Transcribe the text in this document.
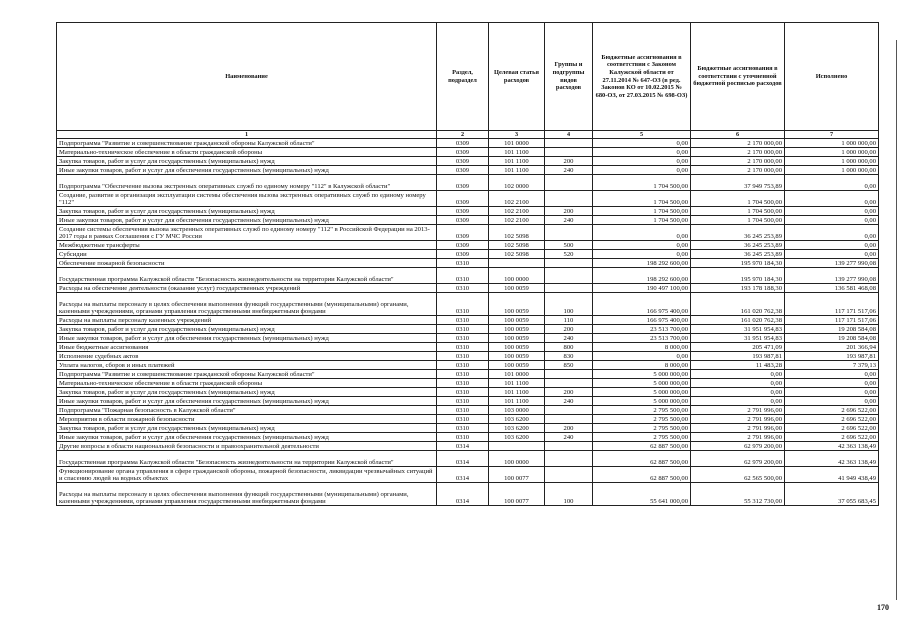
Наименование	Раздел, подраздел	Целевая статья расходов	Группы и подгруппы видов расходов	Бюджетные ассигнования в соответствии с Законом Калужской области от 27.11.2014 № 647-ОЗ (в ред. Законов КО от 10.02.2015 № 680-ОЗ, от 27.03.2015 № 698-ОЗ)	Бюджетные ассигнования в соответствии с уточненной бюджетной росписью расходов	Исполнено
1	2	3	4	5	6	7
Подпрограмма "Развитие и совершенствование гражданской обороны Калужской области"	0309	101 0000		0,00	2 170 000,00	1 000 000,00
Материально-техническое обеспечение в области гражданской обороны	0309	101 1100		0,00	2 170 000,00	1 000 000,00
Закупка товаров, работ и услуг для государственных (муниципальных) нужд	0309	101 1100	200	0,00	2 170 000,00	1 000 000,00
Иные закупки товаров, работ и услуг для обеспечения государственных (муниципальных) нужд	0309	101 1100	240	0,00	2 170 000,00	1 000 000,00
Подпрограмма "Обеспечение вызова экстренных оперативных служб по единому номеру "112" в Калужской области"	0309	102 0000		1 704 500,00	37 949 753,89	0,00
Создание, развитие и организация эксплуатации системы обеспечения вызова экстренных оперативных служб по единому номеру "112"	0309	102 2100		1 704 500,00	1 704 500,00	0,00
Закупка товаров, работ и услуг для государственных (муниципальных) нужд	0309	102 2100	200	1 704 500,00	1 704 500,00	0,00
Иные закупки товаров, работ и услуг для обеспечения государственных (муниципальных) нужд	0309	102 2100	240	1 704 500,00	1 704 500,00	0,00
Создание системы обеспечения вызова экстренных оперативных служб по единому номеру "112" в Российской Федерации на 2013-2017 годы в рамках Соглашения с ГУ МЧС России	0309	102 5098		0,00	36 245 253,89	0,00
Межбюджетные трансферты	0309	102 5098	500	0,00	36 245 253,89	0,00
Субсидии	0309	102 5098	520	0,00	36 245 253,89	0,00
Обеспечение пожарной безопасности	0310			198 292 600,00	195 970 184,30	139 277 990,08
Государственная программа Калужской области "Безопасность жизнедеятельности на территории Калужской области"	0310	100 0000		198 292 600,00	195 970 184,30	139 277 990,08
Расходы на обеспечение деятельности (оказание услуг) государственных учреждений	0310	100 0059		190 497 100,00	193 178 188,30	136 581 468,08
Расходы на выплаты персоналу в целях обеспечения выполнения функций государственными (муниципальными) органами, казенными учреждениями, органами управления государственными внебюджетными фондами	0310	100 0059	100	166 975 400,00	161 020 762,38	117 171 517,06
Расходы на выплаты персоналу казенных учреждений	0310	100 0059	110	166 975 400,00	161 020 762,38	117 171 517,06
Закупка товаров, работ и услуг для государственных (муниципальных) нужд	0310	100 0059	200	23 513 700,00	31 951 954,83	19 208 584,08
Иные закупки товаров, работ и услуг для обеспечения государственных (муниципальных) нужд	0310	100 0059	240	23 513 700,00	31 951 954,83	19 208 584,08
Иные бюджетные ассигнования	0310	100 0059	800	8 000,00	205 471,09	201 366,94
Исполнение судебных актов	0310	100 0059	830	0,00	193 987,81	193 987,81
Уплата налогов, сборов и иных платежей	0310	100 0059	850	8 000,00	11 483,28	7 379,13
Подпрограмма "Развитие и совершенствование гражданской обороны Калужской области"	0310	101 0000		5 000 000,00	0,00	0,00
Материально-техническое обеспечение в области гражданской обороны	0310	101 1100		5 000 000,00	0,00	0,00
Закупка товаров, работ и услуг для государственных (муниципальных) нужд	0310	101 1100	200	5 000 000,00	0,00	0,00
Иные закупки товаров, работ и услуг для обеспечения государственных (муниципальных) нужд	0310	101 1100	240	5 000 000,00	0,00	0,00
Подпрограмма "Пожарная безопасность в Калужской области"	0310	103 0000		2 795 500,00	2 791 996,00	2 696 522,00
Мероприятия в области пожарной безопасности	0310	103 6200		2 795 500,00	2 791 996,00	2 696 522,00
Закупка товаров, работ и услуг для государственных (муниципальных) нужд	0310	103 6200	200	2 795 500,00	2 791 996,00	2 696 522,00
Иные закупки товаров, работ и услуг для обеспечения государственных (муниципальных) нужд	0310	103 6200	240	2 795 500,00	2 791 996,00	2 696 522,00
Другие вопросы в области национальной безопасности и правоохранительной деятельности	0314			62 887 500,00	62 979 200,00	42 363 138,49
Государственная программа Калужской области "Безопасность жизнедеятельности на территории Калужской области"	0314	100 0000		62 887 500,00	62 979 200,00	42 363 138,49
Функционирование органа управления в сфере гражданской обороны, пожарной безопасности, ликвидации чрезвычайных ситуаций и спасению людей на водных объектах	0314	100 0077		62 887 500,00	62 565 500,00	41 949 438,49
Расходы на выплаты персоналу в целях обеспечения выполнения функций государственными (муниципальными) органами, казенными учреждениями, органами управления государственными внебюджетными фондами	0314	100 0077	100	55 641 000,00	55 312 730,00	37 055 683,45
170
